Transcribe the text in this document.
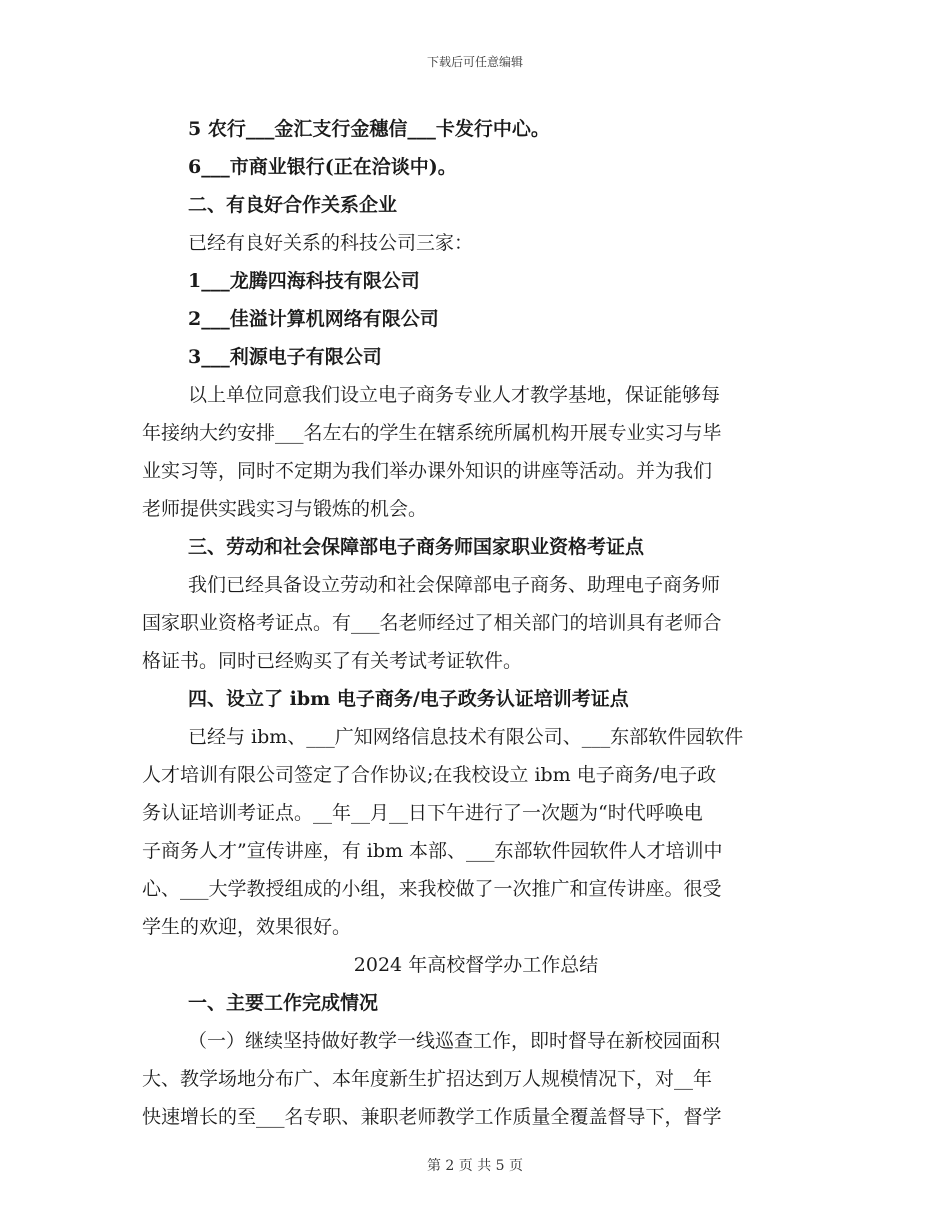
下载后可任意编辑
5 农行___金汇支行金穗信___卡发行中心。
6___市商业银行(正在洽谈中)。
二、有良好合作关系企业
已经有良好关系的科技公司三家：
1___龙腾四海科技有限公司
2___佳溢计算机网络有限公司
3___利源电子有限公司
以上单位同意我们设立电子商务专业人才教学基地，保证能够每
年接纳大约安排___名左右的学生在辖系统所属机构开展专业实习与毕
业实习等，同时不定期为我们举办课外知识的讲座等活动。并为我们
老师提供实践实习与锻炼的机会。
三、劳动和社会保障部电子商务师国家职业资格考证点
我们已经具备设立劳动和社会保障部电子商务、助理电子商务师
国家职业资格考证点。有___名老师经过了相关部门的培训具有老师合
格证书。同时已经购买了有关考试考证软件。
四、设立了 ibm 电子商务/电子政务认证培训考证点
已经与 ibm、___广知网络信息技术有限公司、___东部软件园软件
人才培训有限公司签定了合作协议;在我校设立 ibm 电子商务/电子政
务认证培训考证点。__年__月__日下午进行了一次题为“时代呼唤电
子商务人才”宣传讲座，有 ibm 本部、___东部软件园软件人才培训中
心、___大学教授组成的小组，来我校做了一次推广和宣传讲座。很受
学生的欢迎，效果很好。
2024 年高校督学办工作总结
一、主要工作完成情况
（一）继续坚持做好教学一线巡查工作，即时督导在新校园面积
大、教学场地分布广、本年度新生扩招达到万人规模情况下，对__年
快速增长的至___名专职、兼职老师教学工作质量全覆盖督导下，督学
第 2 页 共 5 页
